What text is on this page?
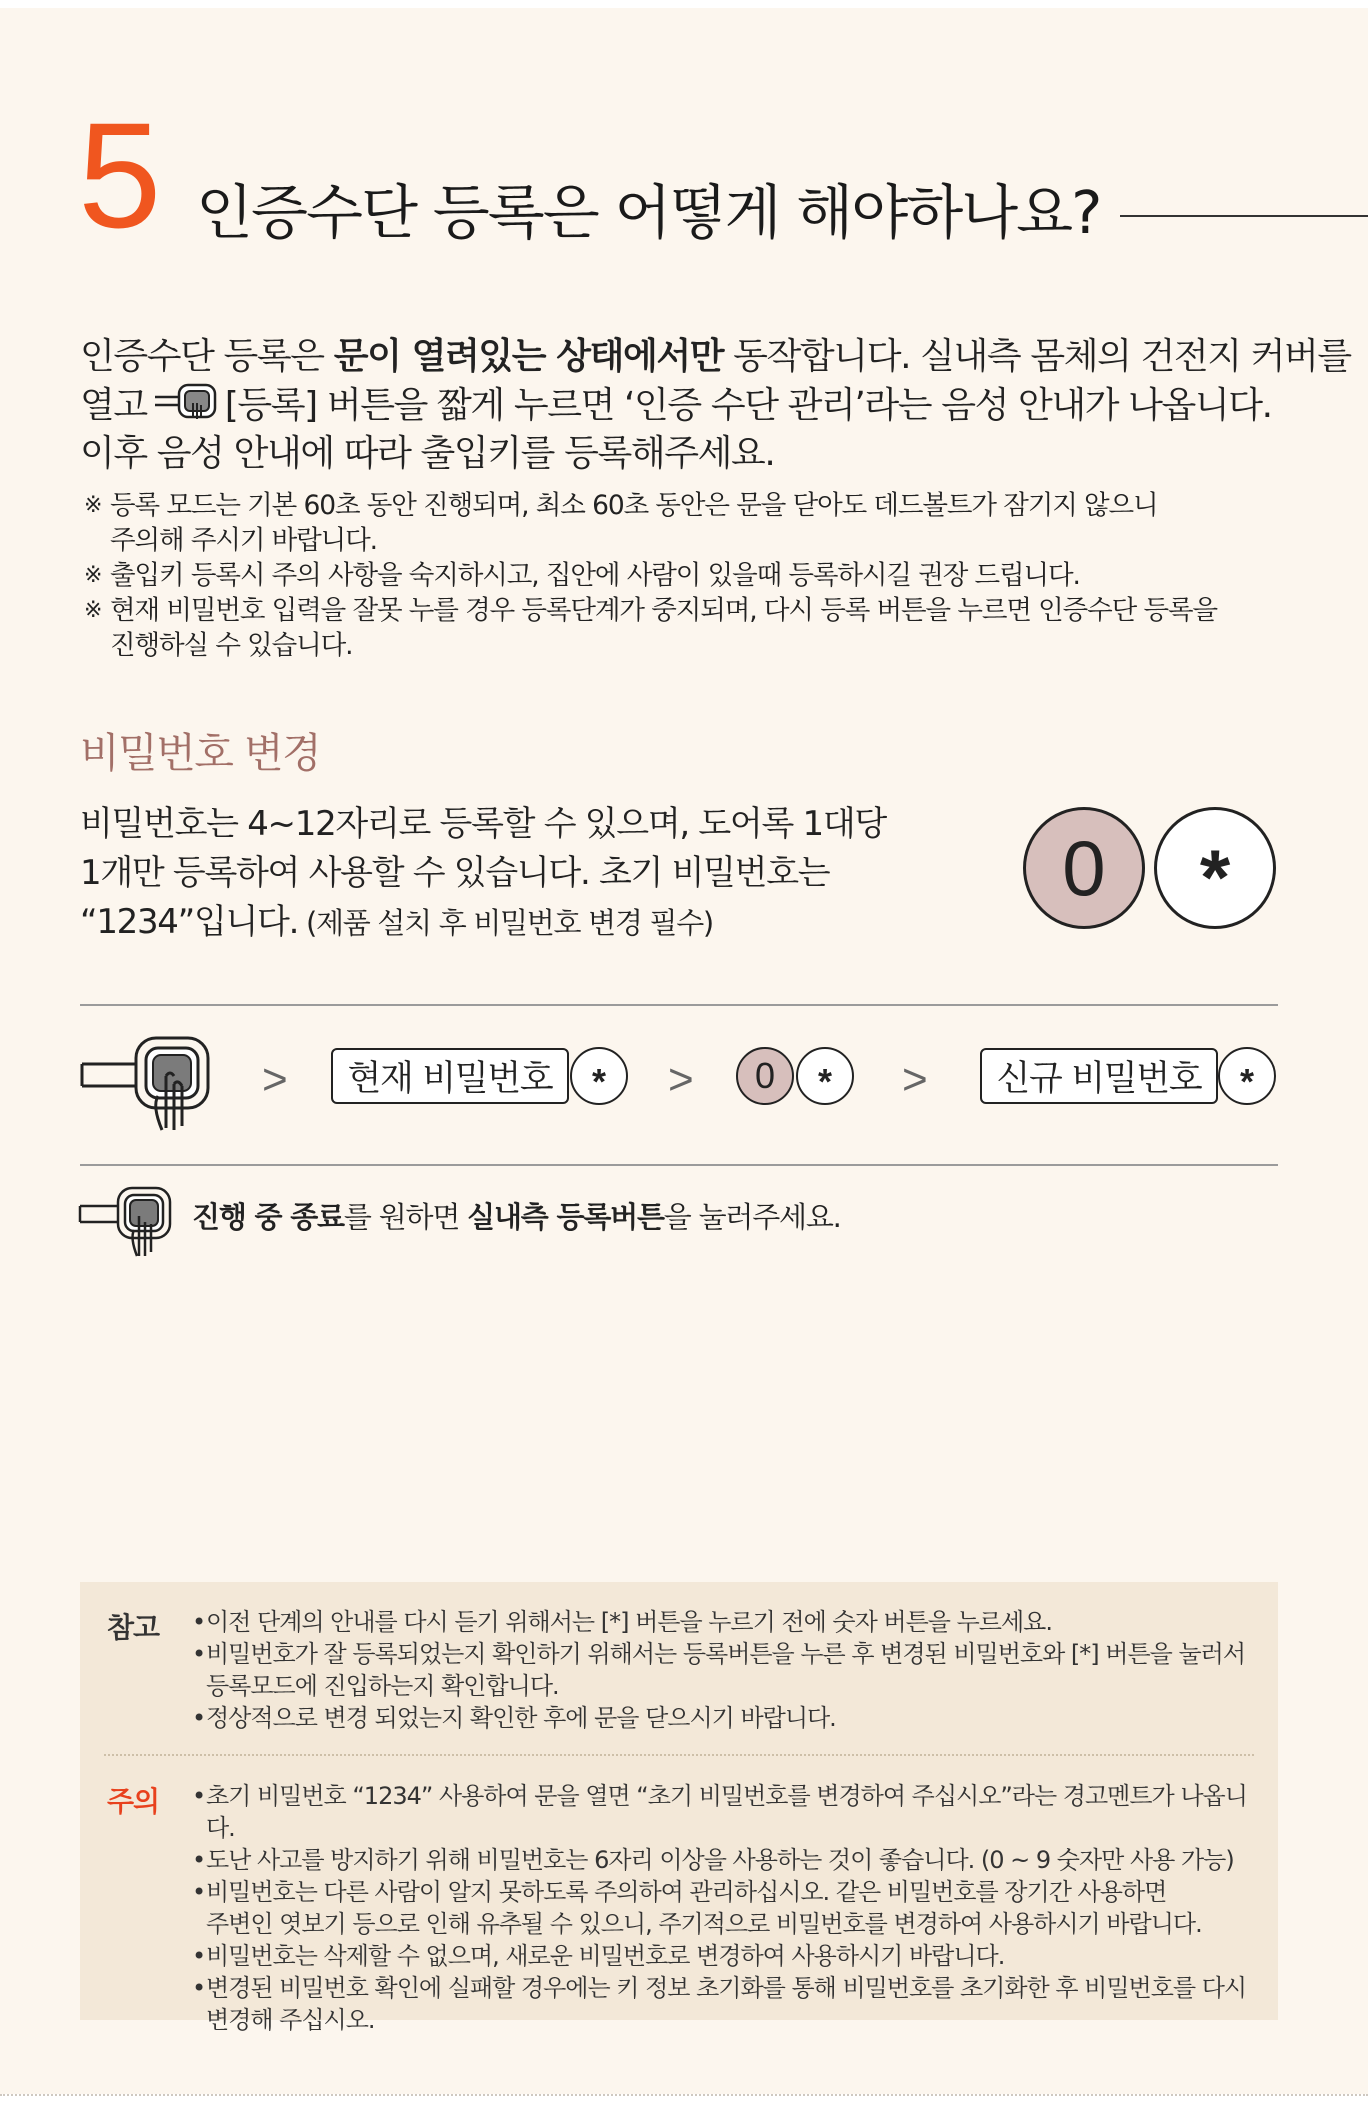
5 인증수단 등록은 어떻게 해야하나요?

인증수단 등록은 문이 열려있는 상태에서만 동작합니다. 실내측 몸체의 건전지 커버를

열고 [등록] 버튼을 짧게 누르면 ‘인증 수단 관리’라는 음성 안내가 나옵니다.

이후 음성 안내에 따라 출입키를 등록해주세요.

※ 등록 모드는 기본 60초 동안 진행되며, 최소 60초 동안은 문을 닫아도 데드볼트가 잠기지 않으니
주의해 주시기 바랍니다.
※ 출입키 등록시 주의 사항을 숙지하시고, 집안에 사람이 있을때 등록하시길 권장 드립니다.
※ 현재 비밀번호 입력을 잘못 누를 경우 등록단계가 중지되며, 다시 등록 버튼을 누르면 인증수단 등록을
진행하실 수 있습니다.
비밀번호 변경

비밀번호는 4~12자리로 등록할 수 있으며, 도어록 1대당

1개만 등록하여 사용할 수 있습니다. 초기 비밀번호는

“1234”입니다. (제품 설치 후 비밀번호 변경 필수)

0	*
>	현재 비밀번호	*	>	0	*	>	신규 비밀번호	*
진행 중 종료를 원하면 실내측 등록버튼을 눌러주세요.
참고	• 이전 단계의 안내를 다시 듣기 위해서는 [*] 버튼을 누르기 전에 숫자 버튼을 누르세요.
• 비밀번호가 잘 등록되었는지 확인하기 위해서는 등록버튼을 누른 후 변경된 비밀번호와 [*] 버튼을 눌러서
등록모드에 진입하는지 확인합니다.
• 정상적으로 변경 되었는지 확인한 후에 문을 닫으시기 바랍니다.
주의	• 초기 비밀번호 “1234” 사용하여 문을 열면 “초기 비밀번호를 변경하여 주십시오”라는 경고멘트가 나옵니다.
• 도난 사고를 방지하기 위해 비밀번호는 6자리 이상을 사용하는 것이 좋습니다. (0 ~ 9 숫자만 사용 가능)
• 비밀번호는 다른 사람이 알지 못하도록 주의하여 관리하십시오. 같은 비밀번호를 장기간 사용하면
주변인 엿보기 등으로 인해 유추될 수 있으니, 주기적으로 비밀번호를 변경하여 사용하시기 바랍니다.
• 비밀번호는 삭제할 수 없으며, 새로운 비밀번호로 변경하여 사용하시기 바랍니다.
• 변경된 비밀번호 확인에 실패할 경우에는 키 정보 초기화를 통해 비밀번호를 초기화한 후 비밀번호를 다시
변경해 주십시오.
